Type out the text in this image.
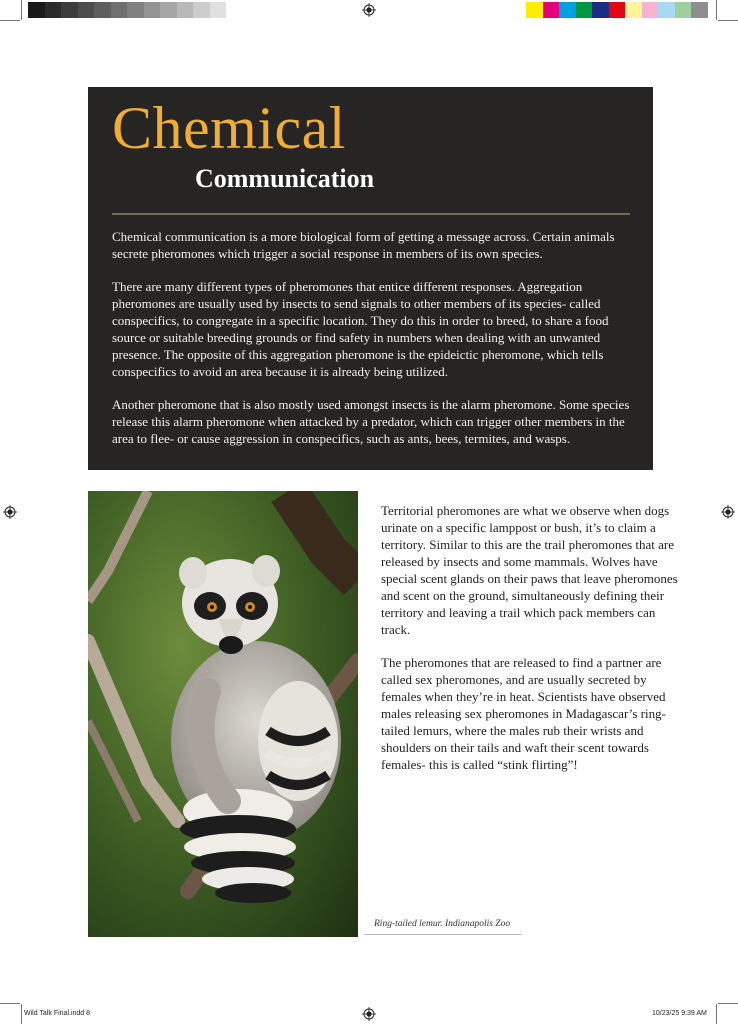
Chemical
Communication

Chemical communication is a more biological form of getting a message across. Certain animals secrete pheromones which trigger a social response in members of its own species.

There are many different types of pheromones that entice different responses. Aggregation pheromones are usually used by insects to send signals to other members of its species- called conspecifics, to congregate in a specific location. They do this in order to breed, to share a food source or suitable breeding grounds or find safety in numbers when dealing with an unwanted presence. The opposite of this aggregation pheromone is the epideictic pheromone, which tells conspecifics to avoid an area because it is already being utilized.

Another pheromone that is also mostly used amongst insects is the alarm pheromone. Some species release this alarm pheromone when attacked by a predator, which can trigger other members in the area to flee- or cause aggression in conspecifics, such as ants, bees, termites, and wasps.

Territorial pheromones are what we observe when dogs urinate on a specific lamppost or bush, it’s to claim a territory. Similar to this are the trail pheromones that are released by insects and some mammals. Wolves have special scent glands on their paws that leave pheromones and scent on the ground, simultaneously defining their territory and leaving a trail which pack members can track.

The pheromones that are released to find a partner are called sex pheromones, and are usually secreted by females when they’re in heat. Scientists have observed males releasing sex pheromones in Madagascar’s ring-tailed lemurs, where the males rub their wrists and shoulders on their tails and waft their scent towards females- this is called “stink flirting”!

Ring-tailed lemur. Indianapolis Zoo

Wild Talk Final.indd 8	10/23/25 9:39 AM
